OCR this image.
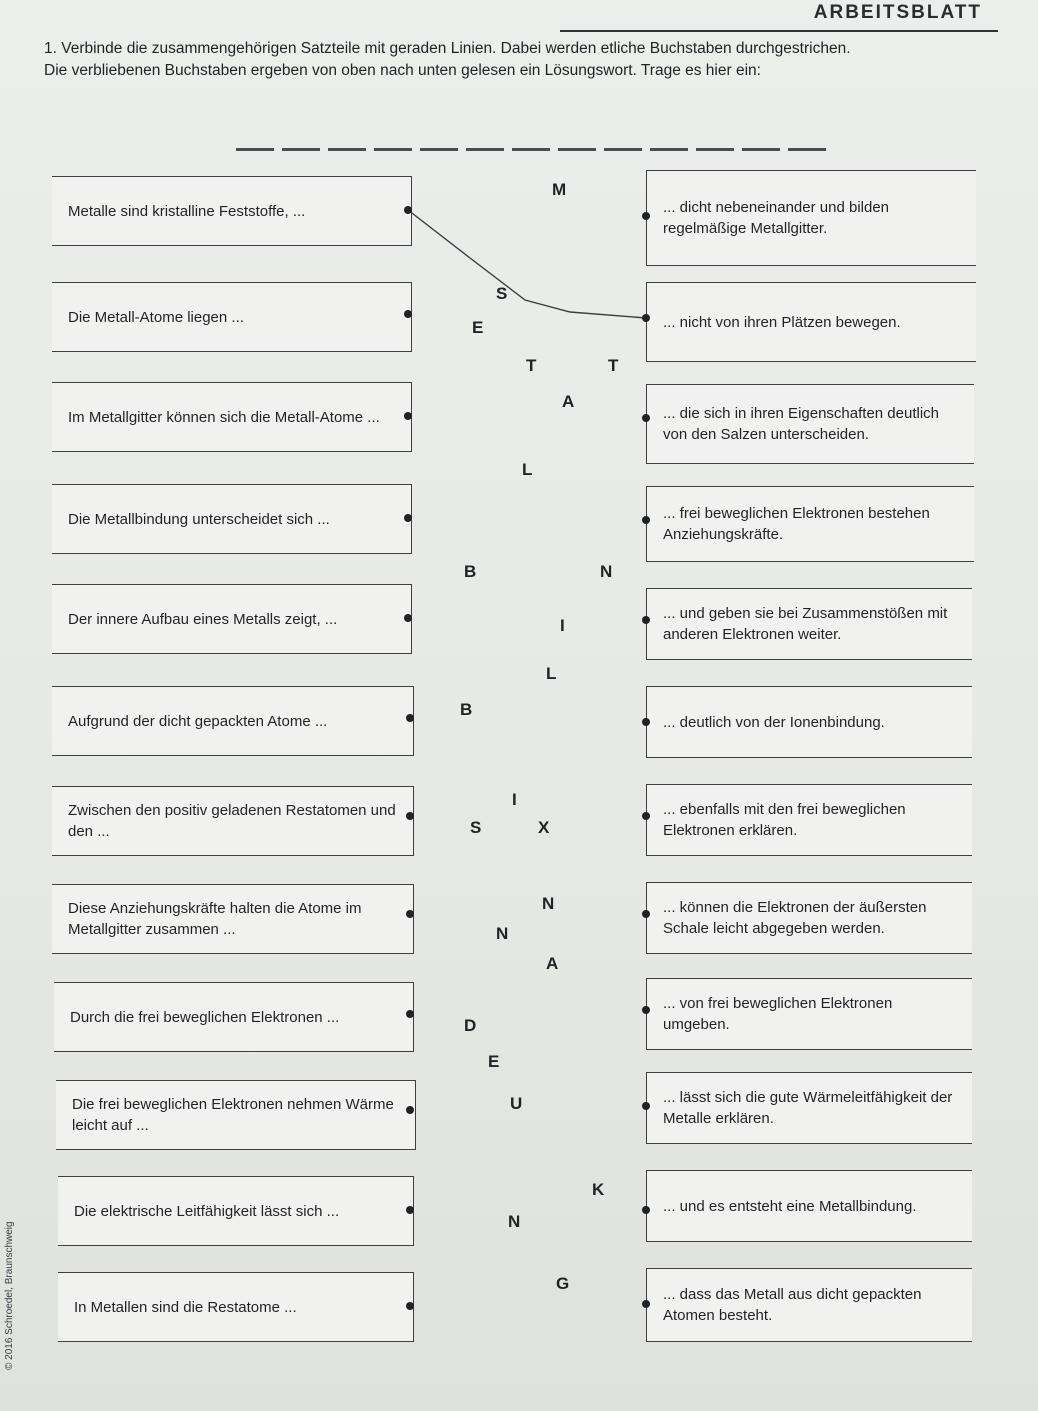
ARBEITSBLATT
1. Verbinde die zusammengehörigen Satzteile mit geraden Linien. Dabei werden etliche Buchstaben durchgestrichen.
Die verbliebenen Buchstaben ergeben von oben nach unten gelesen ein Lösungswort. Trage es hier ein:
Metalle sind kristalline Feststoffe, ...
Die Metall-Atome liegen ...
Im Metallgitter können sich die Metall-Atome ...
Die Metallbindung unterscheidet sich ...
Der innere Aufbau eines Metalls zeigt, ...
Aufgrund der dicht gepackten Atome ...
Zwischen den positiv geladenen Restatomen und den ...
Diese Anziehungskräfte halten die Atome im Metallgitter zusammen ...
Durch die frei beweglichen Elektronen ...
Die frei beweglichen Elektronen nehmen Wärme leicht auf ...
Die elektrische Leitfähigkeit lässt sich ...
In Metallen sind die Restatome ...
... dicht nebeneinander und bilden regelmäßige Metallgitter.
... nicht von ihren Plätzen bewegen.
... die sich in ihren Eigenschaften deutlich von den Salzen unterscheiden.
... frei beweglichen Elektronen bestehen Anziehungskräfte.
... und geben sie bei Zusammenstößen mit anderen Elektronen weiter.
... deutlich von der Ionenbindung.
... ebenfalls mit den frei beweglichen Elektronen erklären.
... können die Elektronen der äußersten Schale leicht abgegeben werden.
... von frei beweglichen Elektronen umgeben.
... lässt sich die gute Wärmeleitfähigkeit der Metalle erklären.
... und es entsteht eine Metallbindung.
... dass das Metall aus dicht gepackten Atomen besteht.
M
S
E
T	T
A
L
B	N
I
L
B
I
S	X
N
N
A
D
E
U
K
N
G
© 2016 Schroedel, Braunschweig
